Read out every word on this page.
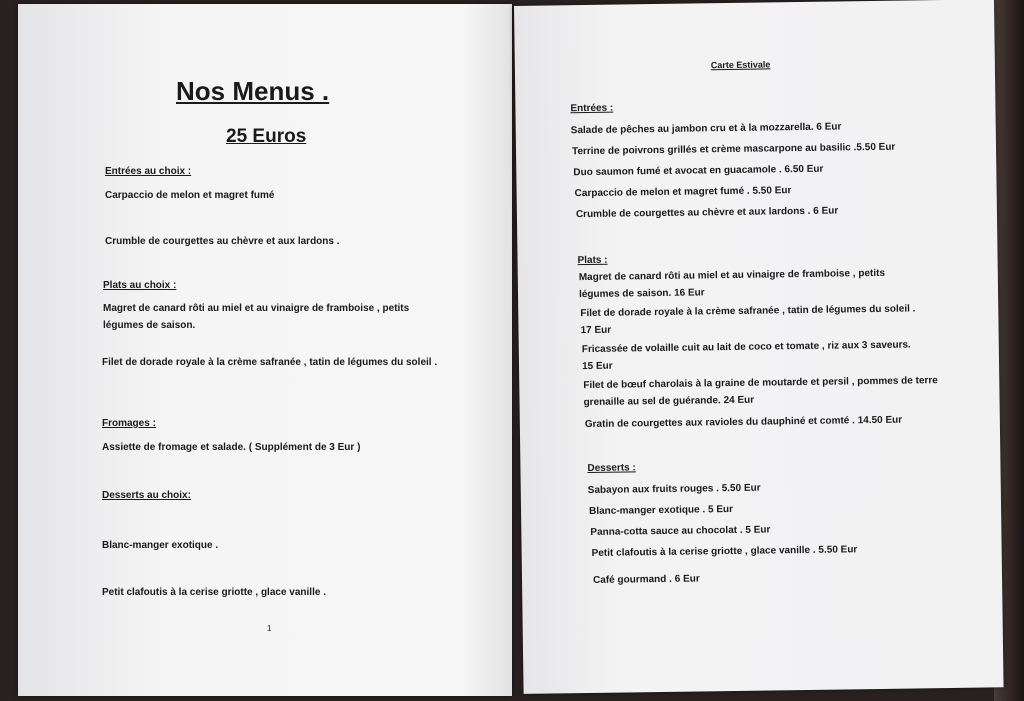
Nos Menus .
25 Euros
Entrées au choix :
Carpaccio de melon et magret fumé
Crumble de courgettes au chèvre et aux lardons .
Plats au choix :
Magret de canard rôti au miel et au vinaigre de framboise , petits légumes de saison.
Filet de dorade royale à la crème safranée , tatin de légumes du soleil .
Fromages :
Assiette de fromage et salade. ( Supplément de 3 Eur )
Desserts au choix:
Blanc-manger exotique .
Petit clafoutis à la cerise griotte , glace vanille .
1
Carte Estivale
Entrées :
Salade de pêches au jambon cru et à la mozzarella. 6 Eur
Terrine de poivrons grillés et crème mascarpone au basilic .5.50 Eur
Duo saumon fumé et avocat en guacamole . 6.50 Eur
Carpaccio de melon et magret fumé . 5.50 Eur
Crumble de courgettes au chèvre et aux lardons . 6 Eur
Plats :
Magret de canard rôti au miel et au vinaigre de framboise , petits légumes de saison. 16 Eur
Filet de dorade royale à la crème safranée , tatin de légumes du soleil . 17 Eur
Fricassée de volaille cuit au lait de coco et tomate , riz aux 3 saveurs. 15 Eur
Filet de bœuf charolais à la graine de moutarde et persil , pommes de terre grenaille au sel de guérande. 24 Eur
Gratin de courgettes aux ravioles du dauphiné et comté . 14.50 Eur
Desserts :
Sabayon aux fruits rouges . 5.50 Eur
Blanc-manger exotique . 5 Eur
Panna-cotta sauce au chocolat . 5 Eur
Petit clafoutis à la cerise griotte , glace vanille . 5.50 Eur
Café gourmand . 6 Eur
